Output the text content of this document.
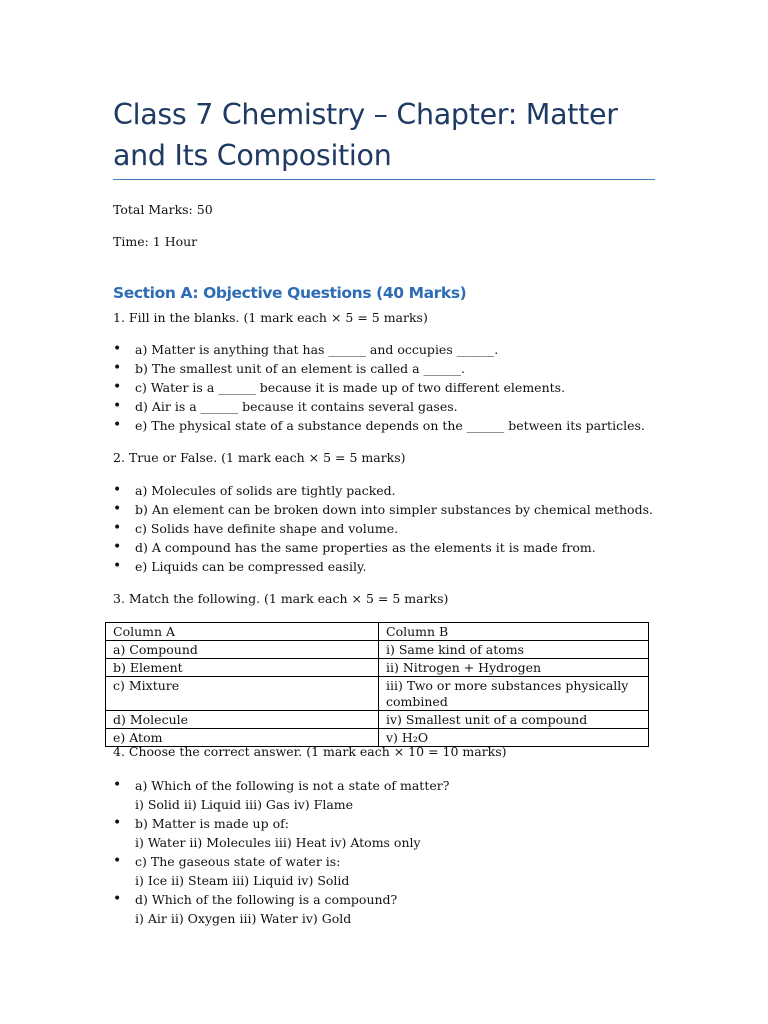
Class 7 Chemistry – Chapter: Matter and Its Composition
Total Marks: 50
Time: 1 Hour
Section A: Objective Questions (40 Marks)
1. Fill in the blanks. (1 mark each × 5 = 5 marks)
• a) Matter is anything that has ______ and occupies ______.
• b) The smallest unit of an element is called a ______.
• c) Water is a ______ because it is made up of two different elements.
• d) Air is a ______ because it contains several gases.
• e) The physical state of a substance depends on the ______ between its particles.
2. True or False. (1 mark each × 5 = 5 marks)
• a) Molecules of solids are tightly packed.
• b) An element can be broken down into simpler substances by chemical methods.
• c) Solids have definite shape and volume.
• d) A compound has the same properties as the elements it is made from.
• e) Liquids can be compressed easily.
3. Match the following. (1 mark each × 5 = 5 marks)
Column A	Column B
a) Compound	i) Same kind of atoms
b) Element	ii) Nitrogen + Hydrogen
c) Mixture	iii) Two or more substances physically combined
d) Molecule	iv) Smallest unit of a compound
e) Atom	v) H₂O
4. Choose the correct answer. (1 mark each × 10 = 10 marks)
• a) Which of the following is not a state of matter?
i) Solid ii) Liquid iii) Gas iv) Flame
• b) Matter is made up of:
i) Water ii) Molecules iii) Heat iv) Atoms only
• c) The gaseous state of water is:
i) Ice ii) Steam iii) Liquid iv) Solid
• d) Which of the following is a compound?
i) Air ii) Oxygen iii) Water iv) Gold
